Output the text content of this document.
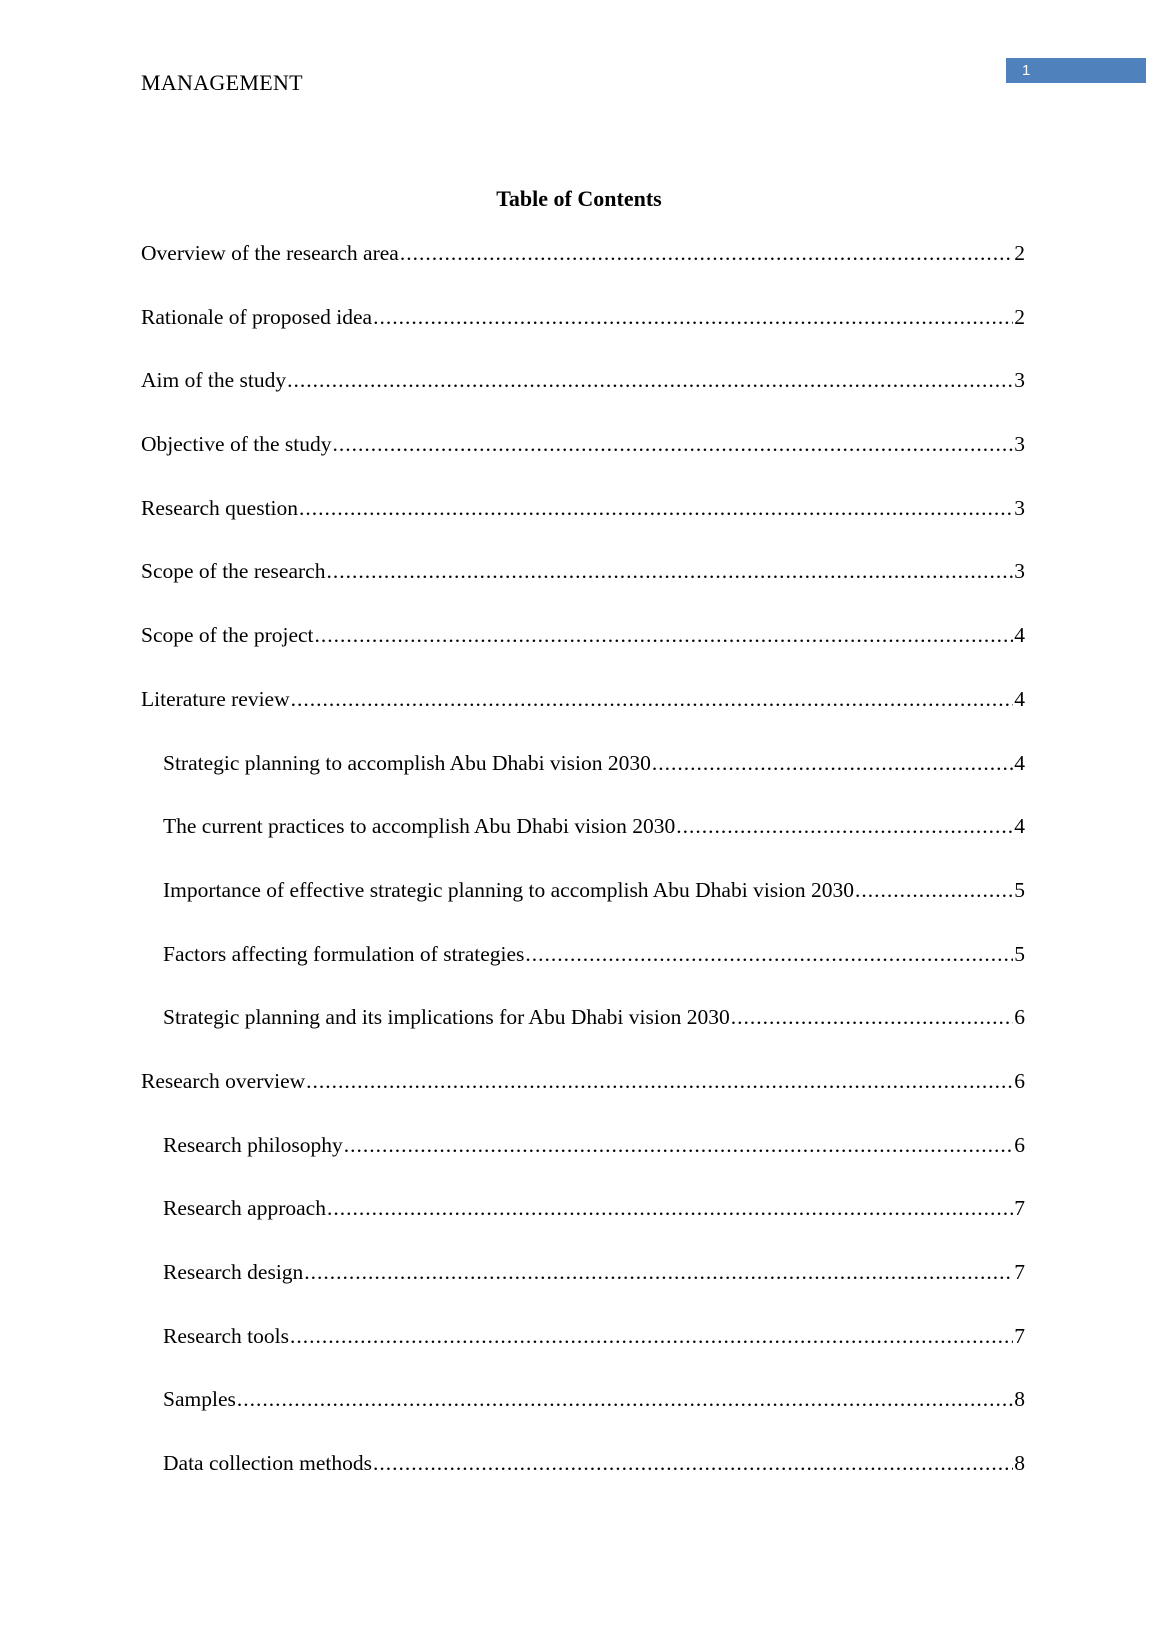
MANAGEMENT	1
Table of Contents
Overview of the research area .....	2
Rationale of proposed idea .....	2
Aim of the study .....	3
Objective of the study .....	3
Research question .....	3
Scope of the research .....	3
Scope of the project .....	4
Literature review .....	4
Strategic planning to accomplish Abu Dhabi vision 2030 .....	4
The current practices to accomplish Abu Dhabi vision 2030 .....	4
Importance of effective strategic planning to accomplish Abu Dhabi vision 2030 .....	5
Factors affecting formulation of strategies .....	5
Strategic planning and its implications for Abu Dhabi vision 2030 .....	6
Research overview .....	6
Research philosophy .....	6
Research approach .....	7
Research design .....	7
Research tools .....	7
Samples .....	8
Data collection methods .....	8
